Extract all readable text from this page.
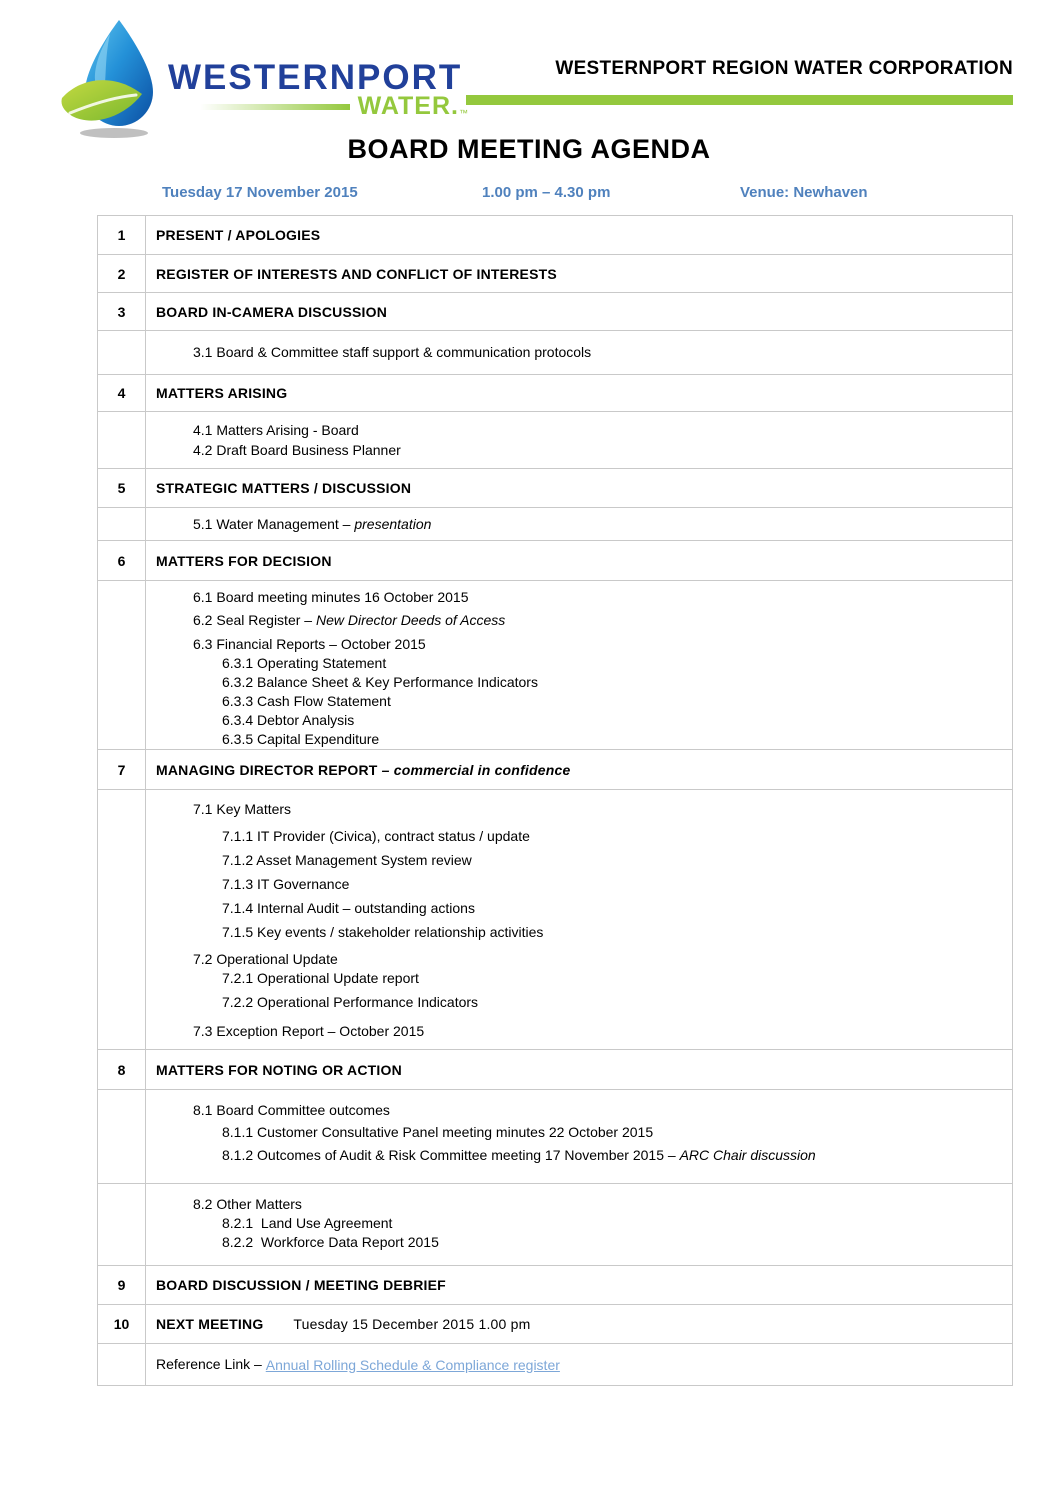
WESTERNPORT
WATER. ™
WESTERNPORT REGION WATER CORPORATION
BOARD MEETING AGENDA
Tuesday 17 November 2015	1.00 pm – 4.30 pm	Venue: Newhaven
1	PRESENT / APOLOGIES
2	REGISTER OF INTERESTS AND CONFLICT OF INTERESTS
3	BOARD IN-CAMERA DISCUSSION
3.1 Board & Committee staff support & communication protocols
4	MATTERS ARISING
4.1 Matters Arising - Board
4.2 Draft Board Business Planner
5	STRATEGIC MATTERS / DISCUSSION
5.1 Water Management – presentation
6	MATTERS FOR DECISION
6.1 Board meeting minutes 16 October 2015
6.2 Seal Register – New Director Deeds of Access
6.3 Financial Reports – October 2015
6.3.1 Operating Statement
6.3.2 Balance Sheet & Key Performance Indicators
6.3.3 Cash Flow Statement
6.3.4 Debtor Analysis
6.3.5 Capital Expenditure
7	MANAGING DIRECTOR REPORT
– commercial in confidence
7.1 Key Matters
7.1.1 IT Provider (Civica), contract status / update
7.1.2 Asset Management System review
7.1.3 IT Governance
7.1.4 Internal Audit – outstanding actions
7.1.5 Key events / stakeholder relationship activities
7.2 Operational Update
7.2.1 Operational Update report
7.2.2 Operational Performance Indicators
7.3 Exception Report – October 2015
8	MATTERS FOR NOTING OR ACTION
8.1 Board Committee outcomes
8.1.1 Customer Consultative Panel meeting minutes 22 October 2015
8.1.2 Outcomes of Audit & Risk Committee meeting 17 November 2015 – ARC Chair discussion
8.2 Other Matters
8.2.1  Land Use Agreement
8.2.2  Workforce Data Report 2015
9	BOARD DISCUSSION / MEETING DEBRIEF
10	NEXT MEETING Tuesday 15 December 2015 1.00 pm
Reference Link – Annual Rolling Schedule & Compliance register
